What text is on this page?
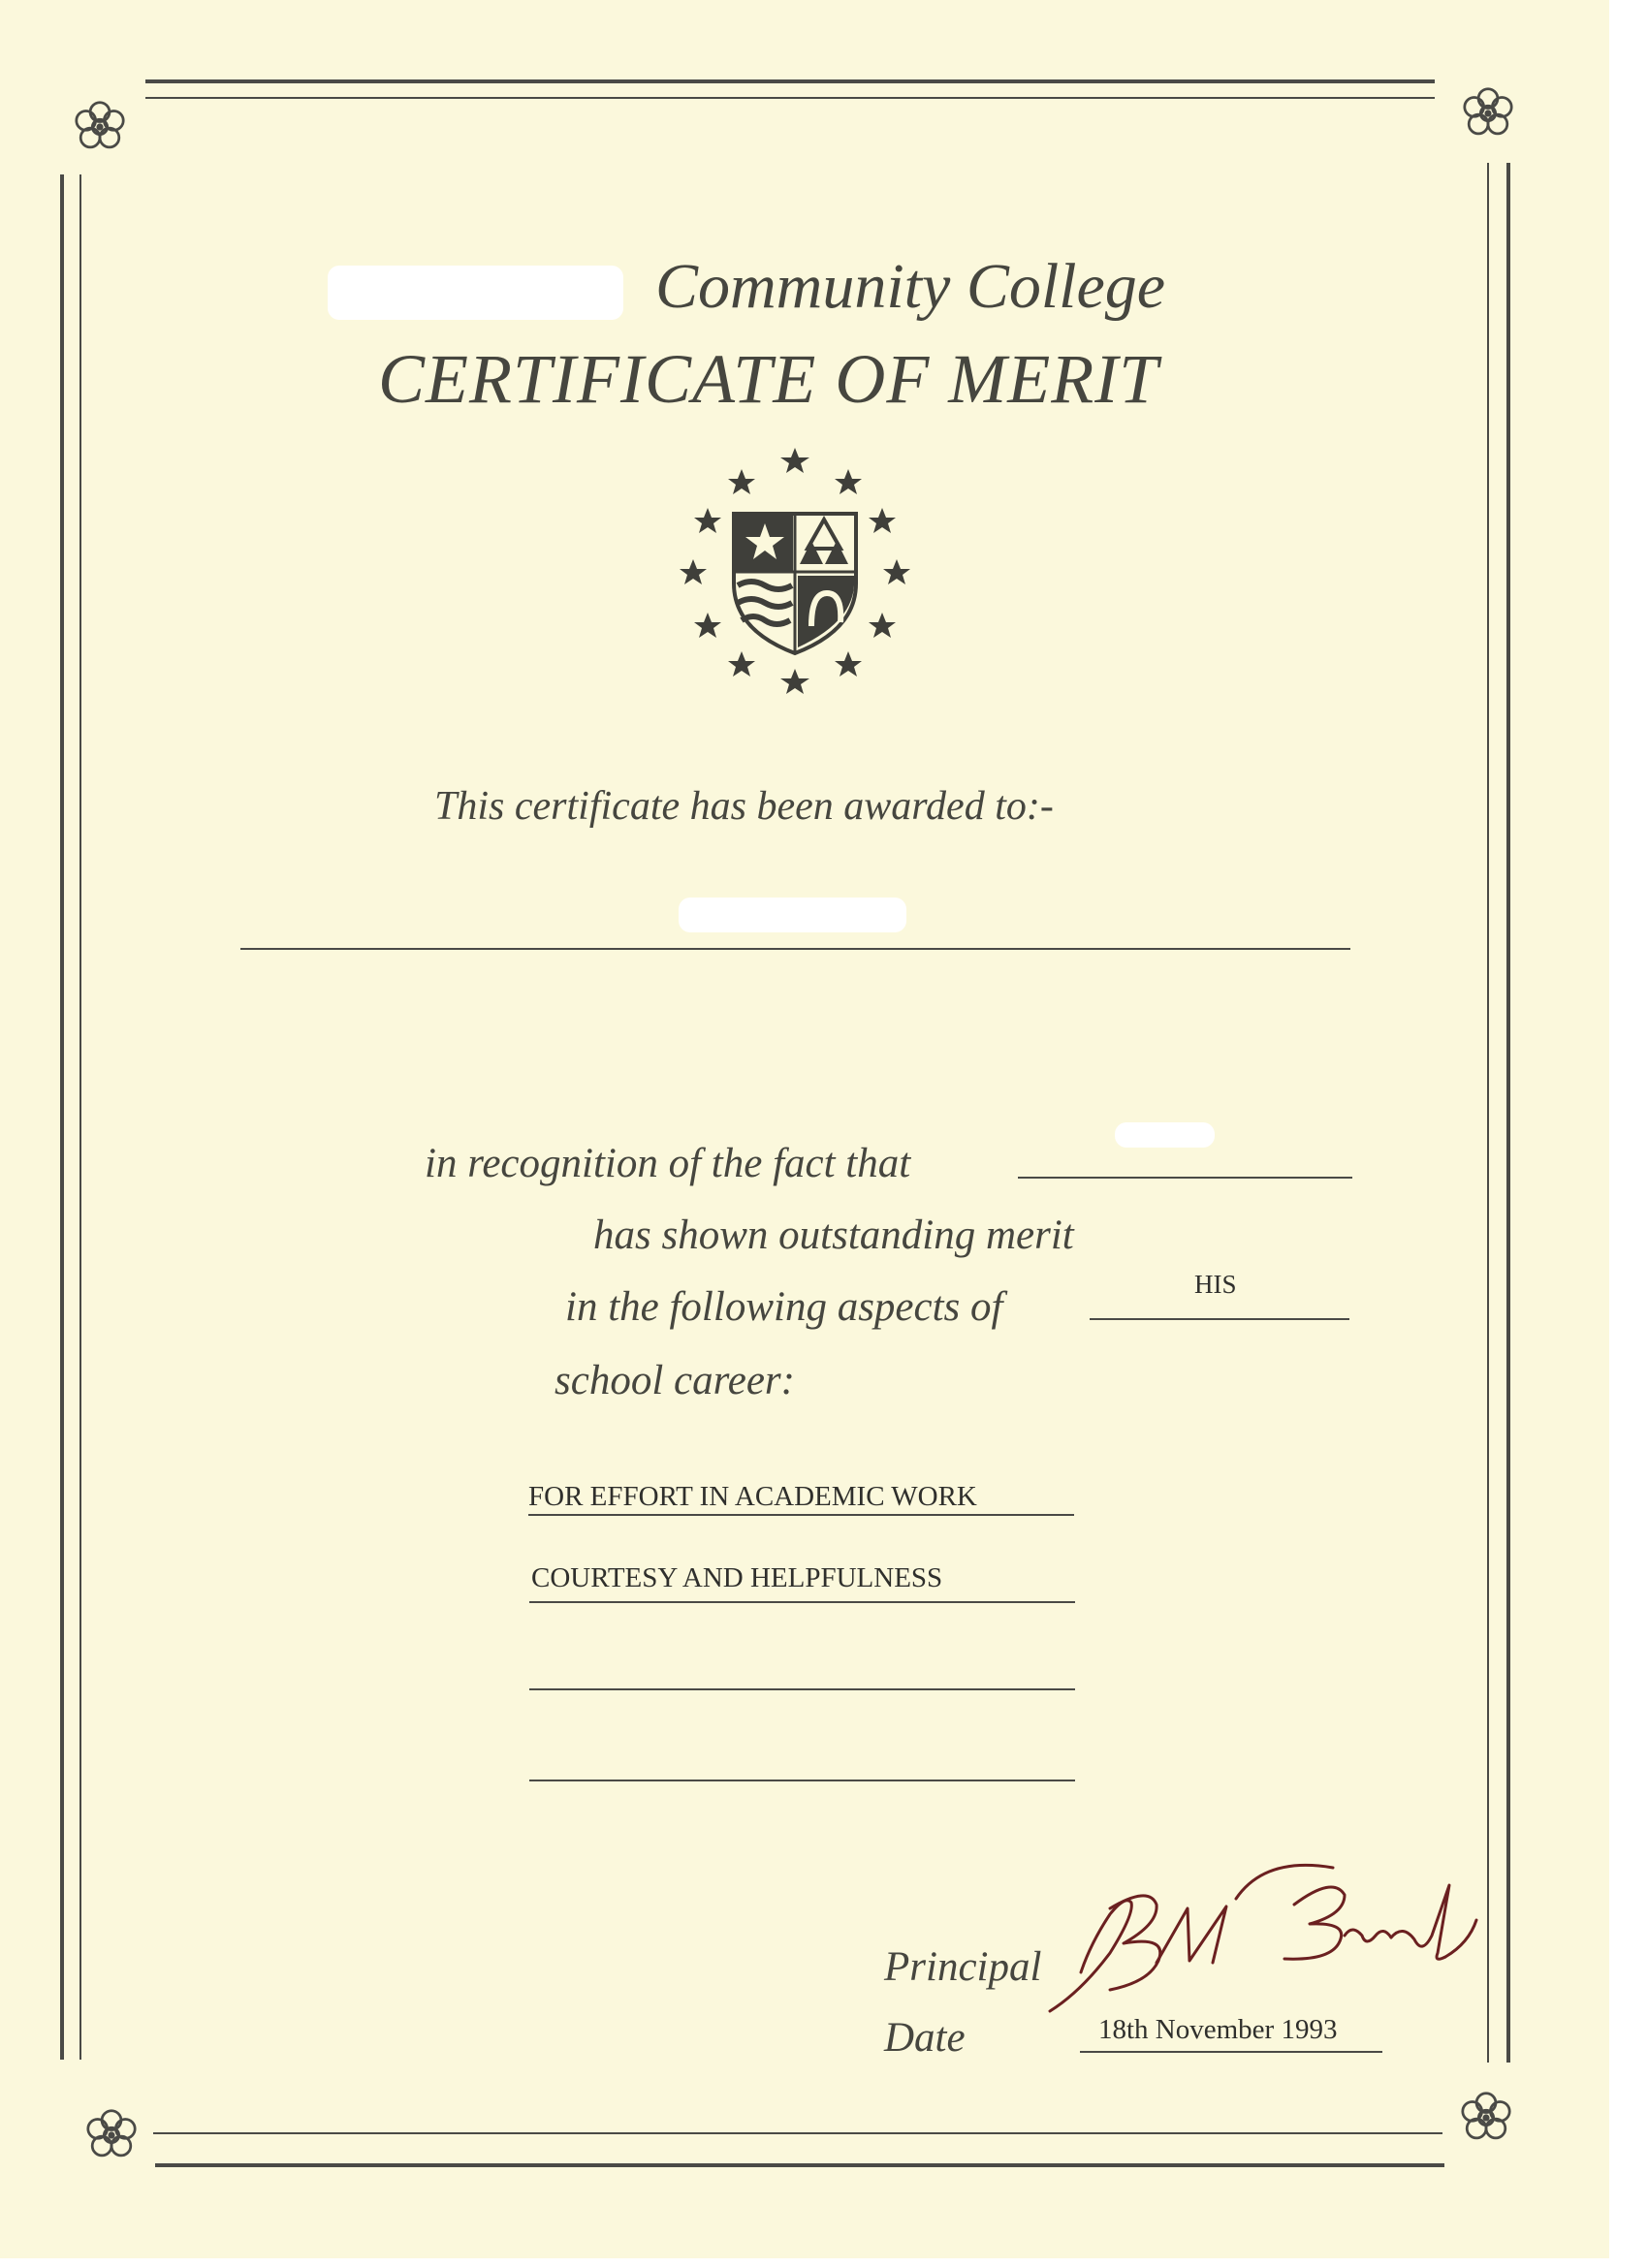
Community College
CERTIFICATE OF MERIT
This certificate has been awarded to:-
in recognition of the fact that
has shown outstanding merit
in the following aspects of	HIS
school career:
FOR EFFORT IN ACADEMIC WORK
COURTESY AND HELPFULNESS
Principal
Date	18th November 1993
